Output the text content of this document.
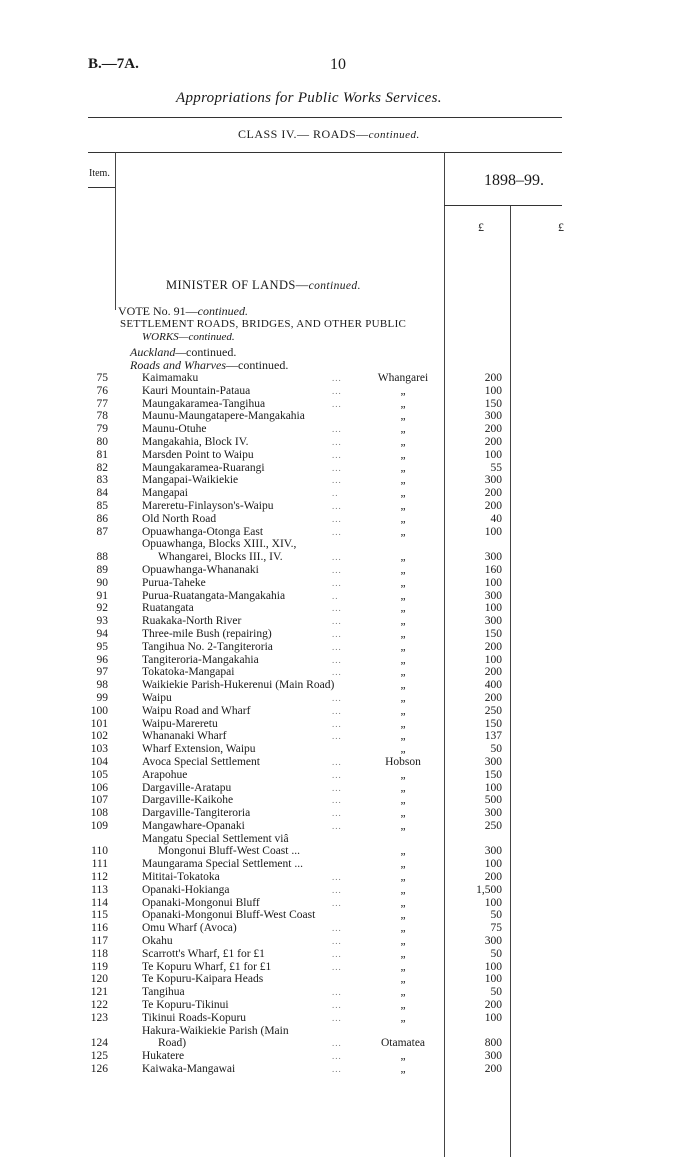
B.—7A.	10
Appropriations for Public Works Services.
CLASS IV.— ROADS—continued.
Item.	1898–99.
£	£
MINISTER OF LANDS—continued.
VOTE No. 91—continued.
SETTLEMENT ROADS, BRIDGES, AND OTHER PUBLIC
WORKS—continued.
Auckland—continued.
Roads and Wharves—continued.
75	Kaimamaku	...	Whangarei	200
76	Kauri Mountain-Pataua	...	„	100
77	Maungakaramea-Tangihua	...	„	150
78	Maunu-Maungatapere-Mangakahia	„	300
79	Maunu-Otuhe	...	„	200
80	Mangakahia, Block IV.	...	„	200
81	Marsden Point to Waipu	...	„	100
82	Maungakaramea-Ruarangi	...	„	55
83	Mangapai-Waikiekie	...	„	300
84	Mangapai	..	„	200
85	Mareretu-Finlayson's-Waipu	...	„	200
86	Old North Road	...	„	40
87	Opuawhanga-Otonga East	...	„	100
88
Opuawhanga, Blocks XIII., XIV.,
Whangarei, Blocks III., IV.	...	„	300
89	Opuawhanga-Whananaki	...	„	160
90	Purua-Taheke	...	„	100
91	Purua-Ruatangata-Mangakahia	..	„	300
92	Ruatangata	...	„	100
93	Ruakaka-North River	...	„	300
94	Three-mile Bush (repairing)	...	„	150
95	Tangihua No. 2-Tangiteroria	...	„	200
96	Tangiteroria-Mangakahia	...	„	100
97	Tokatoka-Mangapai	...	„	200
98	Waikiekie Parish-Hukerenui (Main Road)	„	400
99	Waipu	...	„	200
100	Waipu Road and Wharf	...	„	250
101	Waipu-Mareretu	...	„	150
102	Whananaki Wharf	...	„	137
103	Wharf Extension, Waipu	„	50
104	Avoca Special Settlement	...	Hobson	300
105	Arapohue	...	„	150
106	Dargaville-Aratapu	...	„	100
107	Dargaville-Kaikohe	...	„	500
108	Dargaville-Tangiteroria	...	„	300
109	Mangawhare-Opanaki	...	„	250
110
Mangatu Special Settlement viâ
Mongonui Bluff-West Coast ...	„	300
111	Maungarama Special Settlement ...	„	100
112	Mititai-Tokatoka	...	„	200
113	Opanaki-Hokianga	...	„	1,500
114	Opanaki-Mongonui Bluff	...	„	100
115	Opanaki-Mongonui Bluff-West Coast	„	50
116	Omu Wharf (Avoca)	...	„	75
117	Okahu	...	„	300
118	Scarrott's Wharf, £1 for £1	...	„	50
119	Te Kopuru Wharf, £1 for £1	...	„	100
120	Te Kopuru-Kaipara Heads	„	100
121	Tangihua	...	„	50
122	Te Kopuru-Tikinui	...	„	200
123	Tikinui Roads-Kopuru	...	„	100
124
Hakura-Waikiekie Parish (Main
Road)	...	Otamatea	800
125	Hukatere	...	„	300
126	Kaiwaka-Mangawai	...	„	200
